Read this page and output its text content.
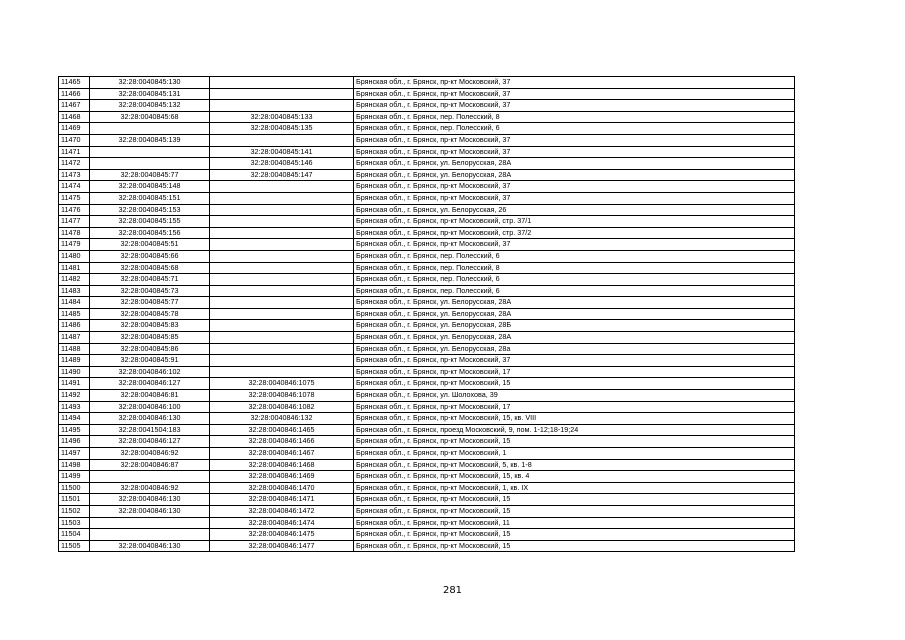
11465	32:28:0040845:130		Брянская обл., г. Брянск, пр-кт Московский, 37
11466	32:28:0040845:131		Брянская обл., г. Брянск, пр-кт Московский, 37
11467	32:28:0040845:132		Брянская обл., г. Брянск, пр-кт Московский, 37
11468	32:28:0040845:68	32:28:0040845:133	Брянская обл., г. Брянск, пер. Полесский, 8
11469		32:28:0040845:135	Брянская обл., г. Брянск, пер. Полесский, 6
11470	32:28:0040845:139		Брянская обл., г. Брянск, пр-кт Московский, 37
11471		32:28:0040845:141	Брянская обл., г. Брянск, пр-кт Московский, 37
11472		32:28:0040845:146	Брянская обл., г. Брянск, ул. Белорусская, 28А
11473	32:28:0040845:77	32:28:0040845:147	Брянская обл., г. Брянск, ул. Белорусская, 28А
11474	32:28:0040845:148		Брянская обл., г. Брянск, пр-кт Московский, 37
11475	32:28:0040845:151		Брянская обл., г. Брянск, пр-кт Московский, 37
11476	32:28:0040845:153		Брянская обл., г. Брянск, ул. Белорусская, 26
11477	32:28:0040845:155		Брянская обл., г. Брянск, пр-кт Московский, стр. 37/1
11478	32:28:0040845:156		Брянская обл., г. Брянск, пр-кт Московский, стр. 37/2
11479	32:28:0040845:51		Брянская обл., г. Брянск, пр-кт Московский, 37
11480	32:28:0040845:66		Брянская обл., г. Брянск, пер. Полесский, 6
11481	32:28:0040845:68		Брянская обл., г. Брянск, пер. Полесский, 8
11482	32:28:0040845:71		Брянская обл., г. Брянск, пер. Полесский, 6
11483	32:28:0040845:73		Брянская обл., г. Брянск, пер. Полесский, 6
11484	32:28:0040845:77		Брянская обл., г. Брянск, ул. Белорусская, 28А
11485	32:28:0040845:78		Брянская обл., г. Брянск, ул. Белорусская, 28А
11486	32:28:0040845:83		Брянская обл., г. Брянск, ул. Белорусская, 28Б
11487	32:28:0040845:85		Брянская обл., г. Брянск, ул. Белорусская, 28А
11488	32:28:0040845:86		Брянская обл., г. Брянск, ул. Белорусская, 28а
11489	32:28:0040845:91		Брянская обл., г. Брянск, пр-кт Московский, 37
11490	32:28:0040846:102		Брянская обл., г. Брянск, пр-кт Московский, 17
11491	32:28:0040846:127	32:28:0040846:1075	Брянская обл., г. Брянск, пр-кт Московский, 15
11492	32:28:0040846:81	32:28:0040846:1078	Брянская обл., г. Брянск, ул. Шолохова, 39
11493	32:28:0040846:100	32:28:0040846:1082	Брянская обл., г. Брянск, пр-кт Московский, 17
11494	32:28:0040846:130	32:28:0040846:132	Брянская обл., г. Брянск, пр-кт Московский, 15, кв. VIII
11495	32:28:0041504:183	32:28:0040846:1465	Брянская обл., г. Брянск, проезд Московский, 9, пом. 1-12;18-19;24
11496	32:28:0040846:127	32:28:0040846:1466	Брянская обл., г. Брянск, пр-кт Московский, 15
11497	32:28:0040846:92	32:28:0040846:1467	Брянская обл., г. Брянск, пр-кт Московский, 1
11498	32:28:0040846:87	32:28:0040846:1468	Брянская обл., г. Брянск, пр-кт Московский, 5, кв. 1-8
11499		32:28:0040846:1469	Брянская обл., г. Брянск, пр-кт Московский, 15, кв. 4
11500	32:28:0040846:92	32:28:0040846:1470	Брянская обл., г. Брянск, пр-кт Московский, 1, кв. IX
11501	32:28:0040846:130	32:28:0040846:1471	Брянская обл., г. Брянск, пр-кт Московский, 15
11502	32:28:0040846:130	32:28:0040846:1472	Брянская обл., г. Брянск, пр-кт Московский, 15
11503		32:28:0040846:1474	Брянская обл., г. Брянск, пр-кт Московский, 11
11504		32:28:0040846:1475	Брянская обл., г. Брянск, пр-кт Московский, 15
11505	32:28:0040846:130	32:28:0040846:1477	Брянская обл., г. Брянск, пр-кт Московский, 15
281
